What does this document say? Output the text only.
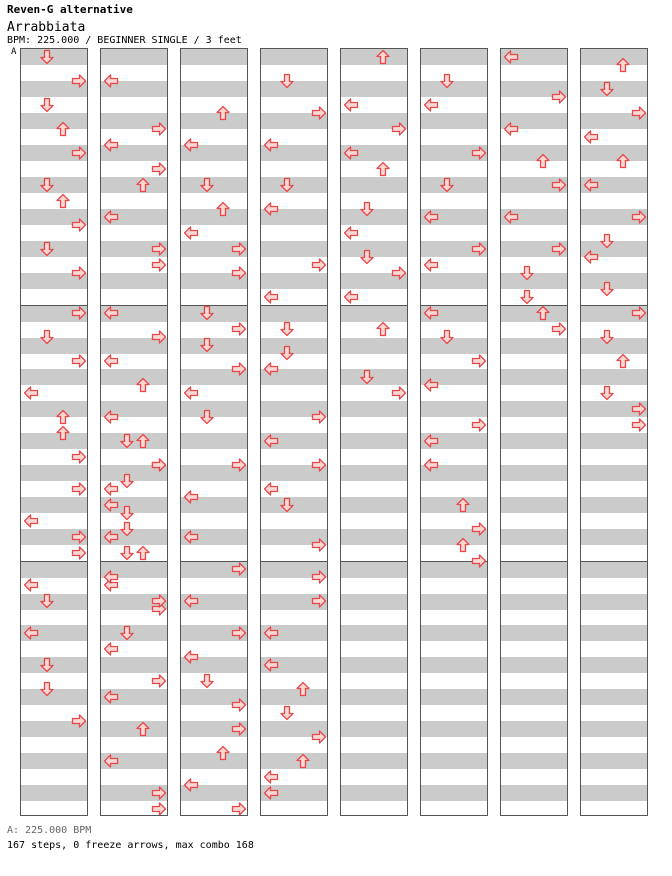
Reven-G alternative
Arrabbiata
BPM: 225.000 / BEGINNER SINGLE / 3 feet
A
A: 225.000 BPM
167 steps, 0 freeze arrows, max combo 168
